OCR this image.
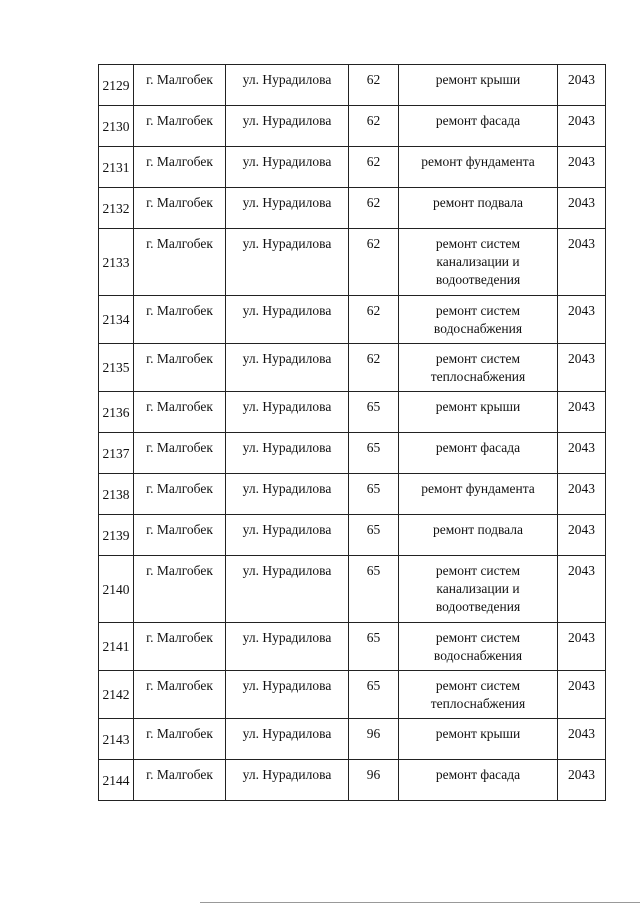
2129	г. Малгобек	ул. Нурадилова	62	ремонт крыши	2043
2130	г. Малгобек	ул. Нурадилова	62	ремонт фасада	2043
2131	г. Малгобек	ул. Нурадилова	62	ремонт фундамента	2043
2132	г. Малгобек	ул. Нурадилова	62	ремонт подвала	2043
2133	г. Малгобек	ул. Нурадилова	62	ремонт систем канализации и водоотведения	2043
2134	г. Малгобек	ул. Нурадилова	62	ремонт систем водоснабжения	2043
2135	г. Малгобек	ул. Нурадилова	62	ремонт систем теплоснабжения	2043
2136	г. Малгобек	ул. Нурадилова	65	ремонт крыши	2043
2137	г. Малгобек	ул. Нурадилова	65	ремонт фасада	2043
2138	г. Малгобек	ул. Нурадилова	65	ремонт фундамента	2043
2139	г. Малгобек	ул. Нурадилова	65	ремонт подвала	2043
2140	г. Малгобек	ул. Нурадилова	65	ремонт систем канализации и водоотведения	2043
2141	г. Малгобек	ул. Нурадилова	65	ремонт систем водоснабжения	2043
2142	г. Малгобек	ул. Нурадилова	65	ремонт систем теплоснабжения	2043
2143	г. Малгобек	ул. Нурадилова	96	ремонт крыши	2043
2144	г. Малгобек	ул. Нурадилова	96	ремонт фасада	2043
